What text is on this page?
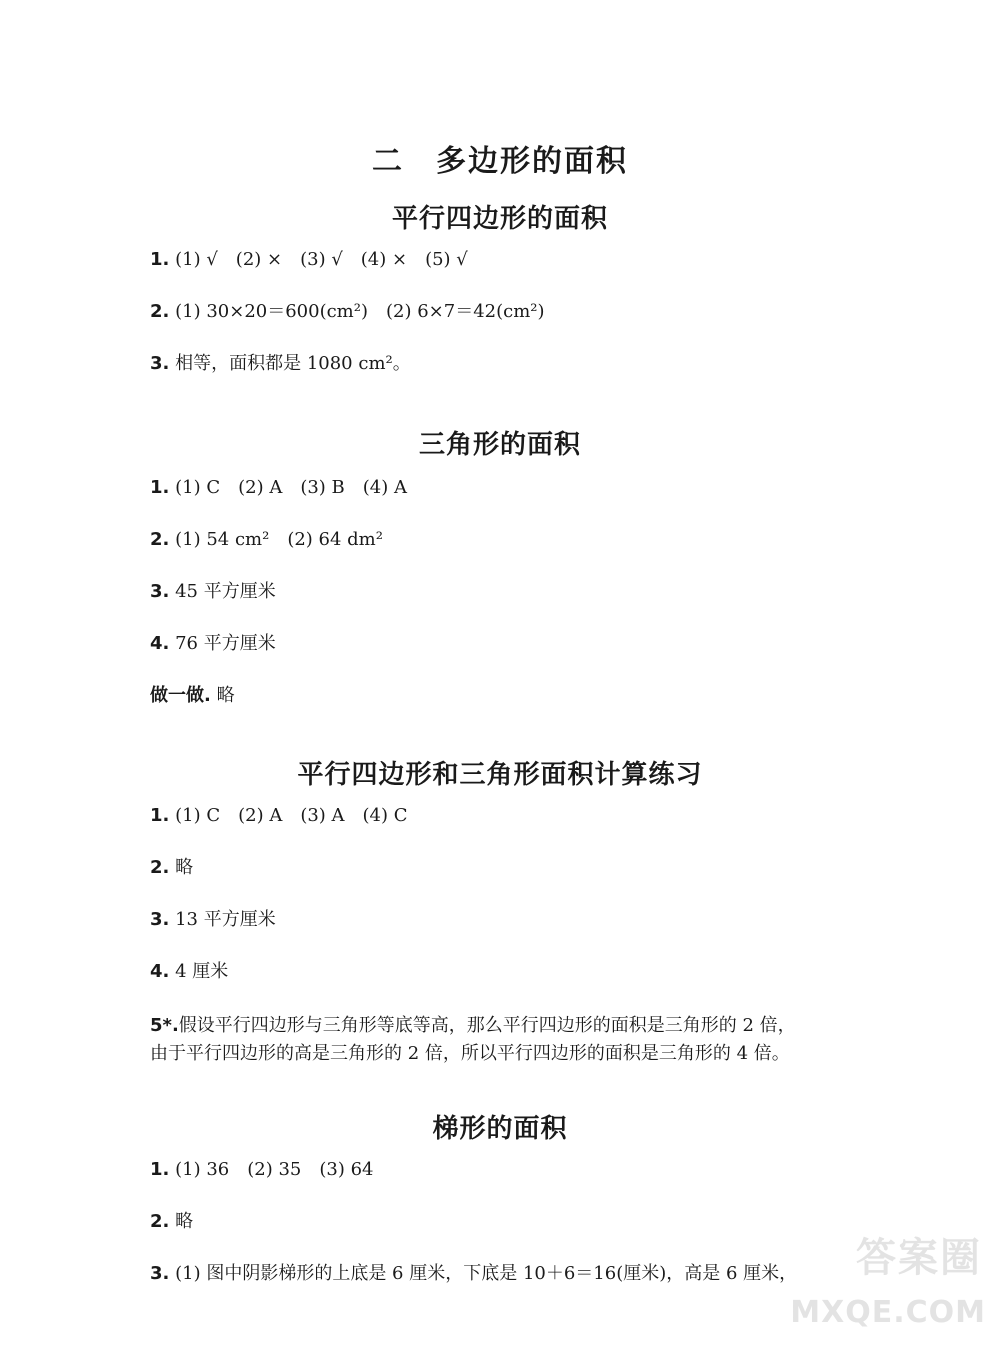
二　多边形的面积
平行四边形的面积
1. (1) √　(2) ×　(3) √　(4) ×　(5) √
2. (1) 30×20＝600(cm²)　(2) 6×7＝42(cm²)
3. 相等，面积都是 1080 cm²。
三角形的面积
1. (1) C　(2) A　(3) B　(4) A
2. (1) 54 cm²　(2) 64 dm²
3. 45 平方厘米
4. 76 平方厘米
做一做. 略
平行四边形和三角形面积计算练习
1. (1) C　(2) A　(3) A　(4) C
2. 略
3. 13 平方厘米
4. 4 厘米
5*.假设平行四边形与三角形等底等高，那么平行四边形的面积是三角形的 2 倍，
由于平行四边形的高是三角形的 2 倍，所以平行四边形的面积是三角形的 4 倍。
梯形的面积
1. (1) 36　(2) 35　(3) 64
2. 略
3. (1) 图中阴影梯形的上底是 6 厘米，下底是 10＋6＝16(厘米)，高是 6 厘米，	答案圈
MXQE.COM
